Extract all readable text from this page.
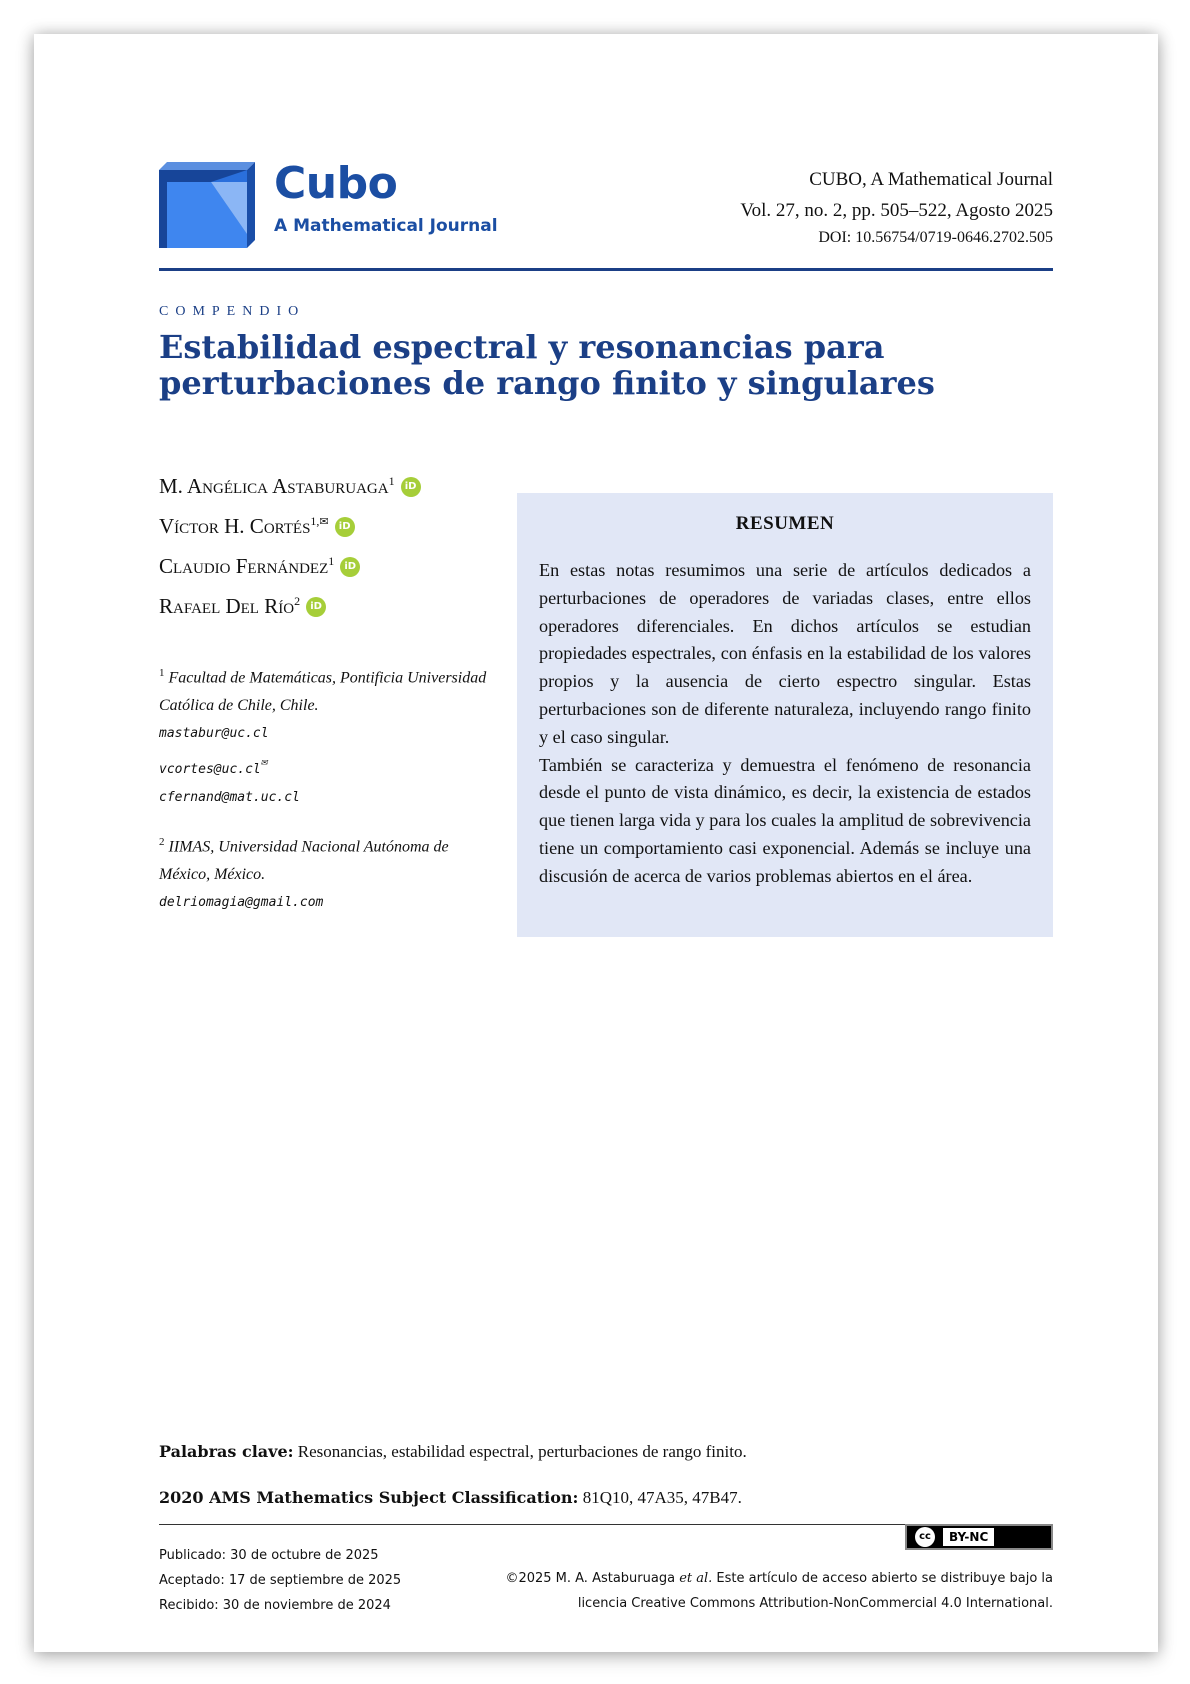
Cubo
A Mathematical Journal
CUBO, A Mathematical Journal
Vol. 27, no. 2, pp. 505–522, Agosto 2025
DOI: 10.56754/0719-0646.2702.505
COMPENDIO
Estabilidad espectral y resonancias para perturbaciones de rango finito y singulares
M. Angélica Astaburuaga$^1$ iD
Víctor H. Cortés$^{1,✉}$ iD
Claudio Fernández$^1$ iD
Rafael Del Río$^2$ iD
$^1$ Facultad de Matemáticas, Pontificia Universidad Católica de Chile, Chile.
mastabur@uc.cl
vcortes@uc.cl✉
cfernand@mat.uc.cl
$^2$ IIMAS, Universidad Nacional Autónoma de México, México.
delriomagia@gmail.com
RESUMEN

En estas notas resumimos una serie de artículos dedicados a perturbaciones de operadores de variadas clases, entre ellos operadores diferenciales. En dichos artículos se estudian propiedades espectrales, con énfasis en la estabilidad de los valores propios y la ausencia de cierto espectro singular. Estas perturbaciones son de diferente naturaleza, incluyendo rango finito y el caso singular.

También se caracteriza y demuestra el fenómeno de resonancia desde el punto de vista dinámico, es decir, la existencia de estados que tienen larga vida y para los cuales la amplitud de sobrevivencia tiene un comportamiento casi exponencial. Además se incluye una discusión de acerca de varios problemas abiertos en el área.

Palabras clave: Resonancias, estabilidad espectral, perturbaciones de rango finito.
2020 AMS Mathematics Subject Classification: 81Q10, 47A35, 47B47.
Publicado: 30 de octubre de 2025
Aceptado: 17 de septiembre de 2025
Recibido: 30 de noviembre de 2024
cc	BY-NC
©2025 M. A. Astaburuaga et al. Este artículo de acceso abierto se distribuye bajo la
licencia Creative Commons Attribution-NonCommercial 4.0 International.
